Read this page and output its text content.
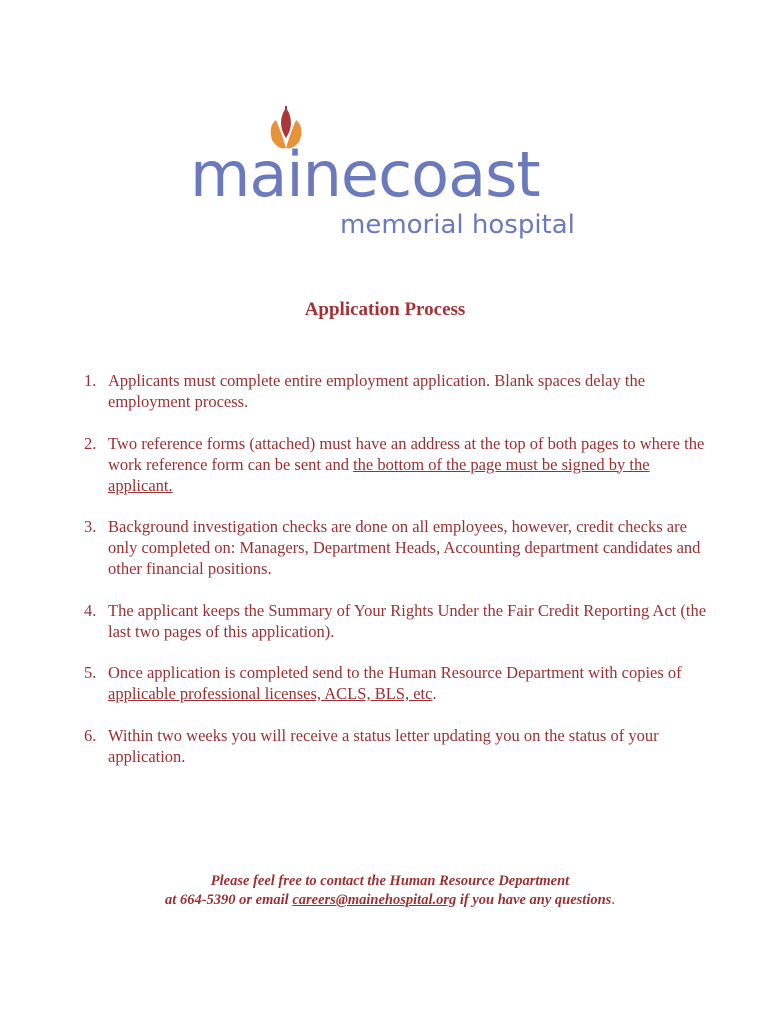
mainecoast
memorial hospital
Application Process
1. Applicants must complete entire employment application. Blank spaces delay the employment process.
2. Two reference forms (attached) must have an address at the top of both pages to where the work reference form can be sent and the bottom of the page must be signed by the applicant.
3. Background investigation checks are done on all employees, however, credit checks are only completed on: Managers, Department Heads, Accounting department candidates and other financial positions.
4. The applicant keeps the Summary of Your Rights Under the Fair Credit Reporting Act (the last two pages of this application).
5. Once application is completed send to the Human Resource Department with copies of applicable professional licenses, ACLS, BLS, etc.
6. Within two weeks you will receive a status letter updating you on the status of your application.
Please feel free to contact the Human Resource Department
at 664-5390 or email careers@mainehospital.org if you have any questions.
